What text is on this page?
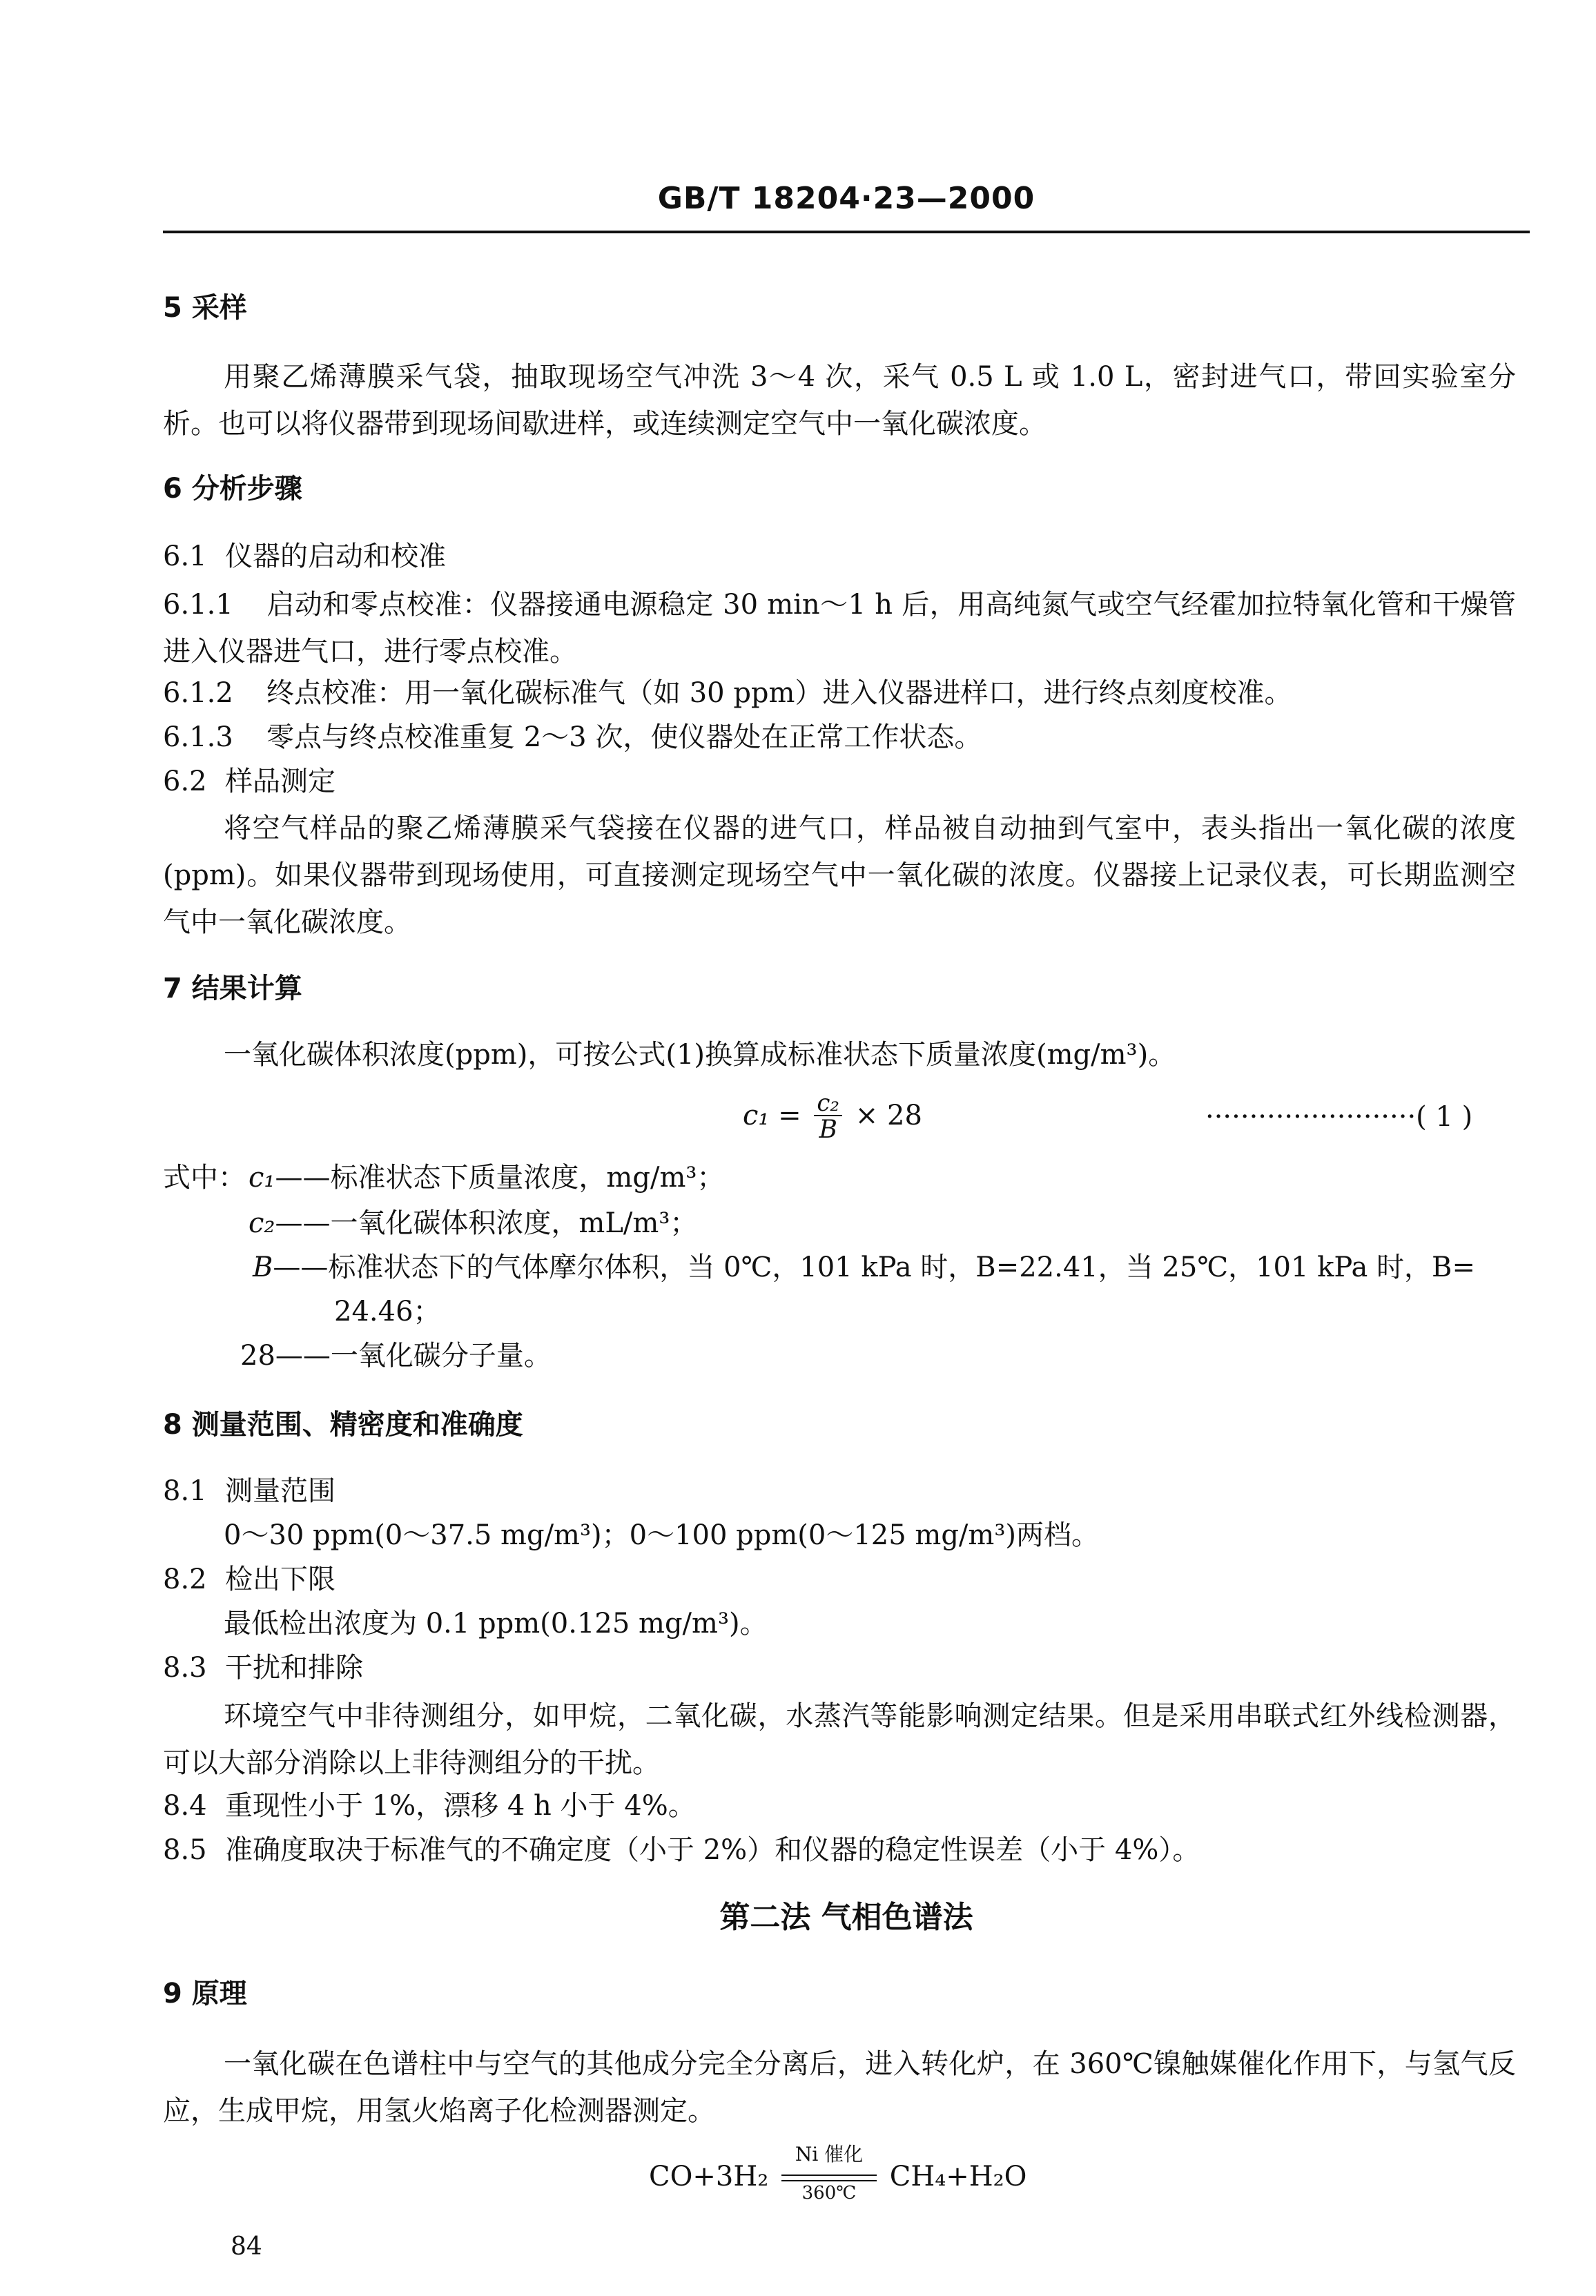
GB/T 18204·23—2000
5 采样
用聚乙烯薄膜采气袋，抽取现场空气冲洗 3～4 次，采气 0.5 L 或 1.0 L，密封进气口，带回实验室分析。也可以将仪器带到现场间歇进样，或连续测定空气中一氧化碳浓度。
6 分析步骤
6.1 仪器的启动和校准
6.1.1 启动和零点校准：仪器接通电源稳定 30 min～1 h 后，用高纯氮气或空气经霍加拉特氧化管和干燥管进入仪器进气口，进行零点校准。
6.1.2 终点校准：用一氧化碳标准气（如 30 ppm）进入仪器进样口，进行终点刻度校准。
6.1.3 零点与终点校准重复 2～3 次，使仪器处在正常工作状态。
6.2 样品测定
将空气样品的聚乙烯薄膜采气袋接在仪器的进气口，样品被自动抽到气室中，表头指出一氧化碳的浓度(ppm)。如果仪器带到现场使用，可直接测定现场空气中一氧化碳的浓度。仪器接上记录仪表，可长期监测空气中一氧化碳浓度。
7 结果计算
一氧化碳体积浓度(ppm)，可按公式(1)换算成标准状态下质量浓度(mg/m³)。
$c_1 = \frac{\text{c₂}}{B} \times 28$	························( 1 )
式中： c₁——标准状态下质量浓度，mg/m³；
c₂——一氧化碳体积浓度，mL/m³；
B——标准状态下的气体摩尔体积，当 0℃，101 kPa 时，B=22.41，当 25℃，101 kPa 时，B=
24.46；
28——一氧化碳分子量。
8 测量范围、精密度和准确度
8.1 测量范围
0～30 ppm(0～37.5 mg/m³)；0～100 ppm(0～125 mg/m³)两档。
8.2 检出下限
最低检出浓度为 0.1 ppm(0.125 mg/m³)。
8.3 干扰和排除
环境空气中非待测组分，如甲烷，二氧化碳，水蒸汽等能影响测定结果。但是采用串联式红外线检测器，可以大部分消除以上非待测组分的干扰。
8.4 重现性小于 1%，漂移 4 h 小于 4%。
8.5 准确度取决于标准气的不确定度（小于 2%）和仪器的稳定性误差（小于 4%）。
第二法 气相色谱法
9 原理
一氧化碳在色谱柱中与空气的其他成分完全分离后，进入转化炉，在 360℃镍触媒催化作用下，与氢气反应，生成甲烷，用氢火焰离子化检测器测定。
CO+3H₂
Ni 催化
360℃
CH₄+H₂O
84
